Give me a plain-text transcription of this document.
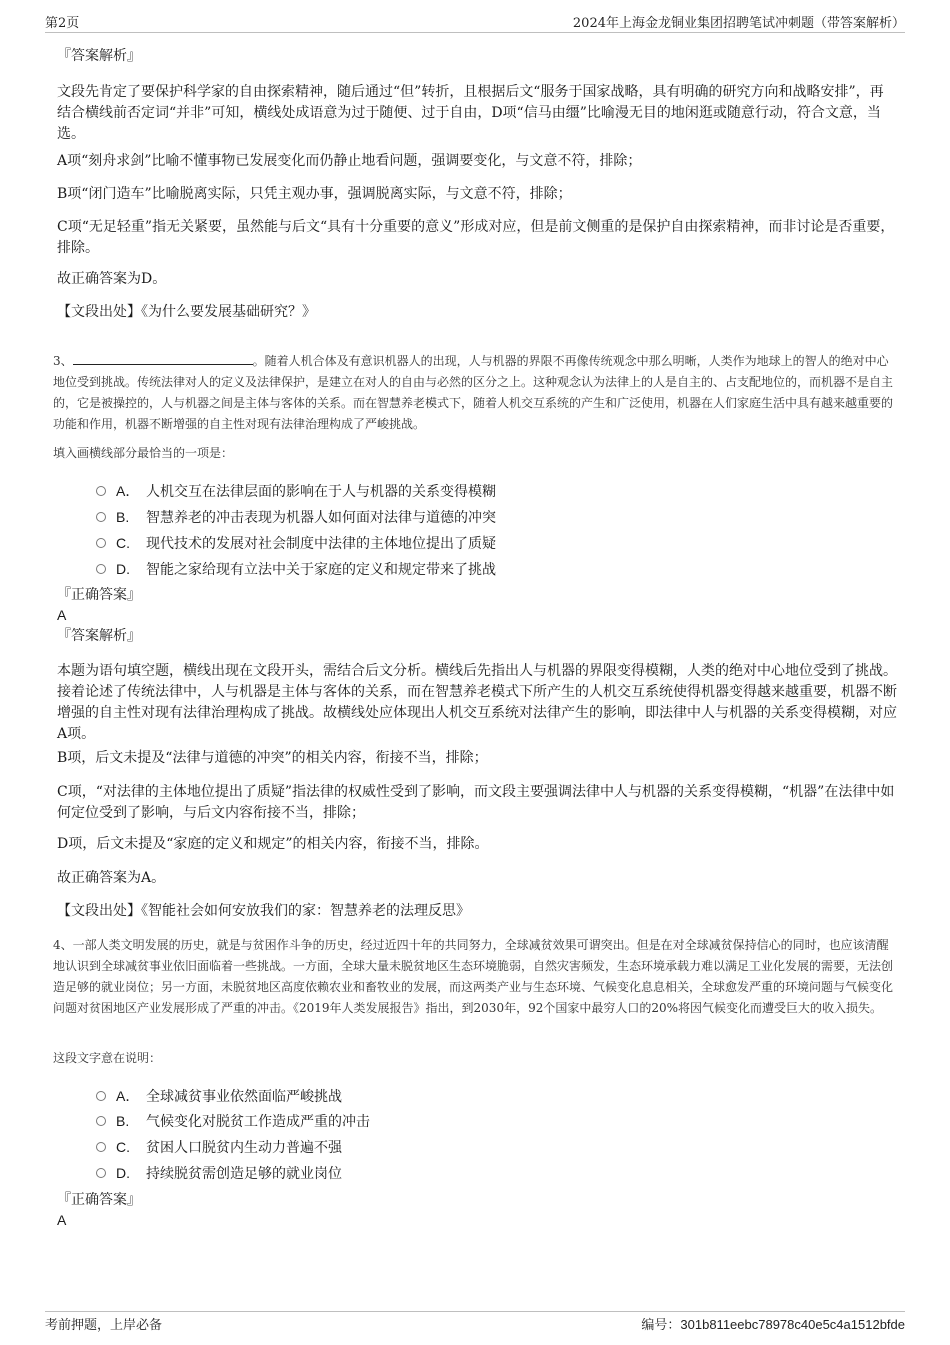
第2页	2024年上海金龙铜业集团招聘笔试冲刺题（带答案解析）
『答案解析』

文段先肯定了要保护科学家的自由探索精神，随后通过“但”转折，且根据后文“服务于国家战略，具有明确的研究方向和战略安排”，再结合横线前否定词“并非”可知，横线处成语意为过于随便、过于自由，D项“信马由缰”比喻漫无目的地闲逛或随意行动，符合文意，当选。

A项“刻舟求剑”比喻不懂事物已发展变化而仍静止地看问题，强调要变化，与文意不符，排除；

B项“闭门造车”比喻脱离实际，只凭主观办事，强调脱离实际，与文意不符，排除；

C项“无足轻重”指无关紧要，虽然能与后文“具有十分重要的意义”形成对应，但是前文侧重的是保护自由探索精神，而非讨论是否重要，排除。

故正确答案为D。

【文段出处】《为什么要发展基础研究？》

3、	。随着人机合体及有意识机器人的出现，人与机器的界限不再像传统观念中那么明晰，人类作为地球上的智人的绝对中心地位受到挑战。传统法律对人的定义及法律保护，是建立在对人的自由与必然的区分之上。这种观念认为法律上的人是自主的、占支配地位的，而机器不是自主的，它是被操控的，人与机器之间是主体与客体的关系。而在智慧养老模式下，随着人机交互系统的产生和广泛使用，机器在人们家庭生活中具有越来越重要的功能和作用，机器不断增强的自主性对现有法律治理构成了严峻挑战。

填入画横线部分最恰当的一项是：

A． 人机交互在法律层面的影响在于人与机器的关系变得模糊
B. 智慧养老的冲击表现为机器人如何面对法律与道德的冲突
C. 现代技术的发展对社会制度中法律的主体地位提出了质疑
D. 智能之家给现有立法中关于家庭的定义和规定带来了挑战
『正确答案』
A
『答案解析』

本题为语句填空题，横线出现在文段开头，需结合后文分析。横线后先指出人与机器的界限变得模糊，人类的绝对中心地位受到了挑战。接着论述了传统法律中，人与机器是主体与客体的关系，而在智慧养老模式下所产生的人机交互系统使得机器变得越来越重要，机器不断增强的自主性对现有法律治理构成了挑战。故横线处应体现出人机交互系统对法律产生的影响，即法律中人与机器的关系变得模糊，对应A项。

B项，后文未提及“法律与道德的冲突”的相关内容，衔接不当，排除；

C项，“对法律的主体地位提出了质疑”指法律的权威性受到了影响，而文段主要强调法律中人与机器的关系变得模糊，“机器”在法律中如何定位受到了影响，与后文内容衔接不当，排除；

D项，后文未提及“家庭的定义和规定”的相关内容，衔接不当，排除。

故正确答案为A。

【文段出处】《智能社会如何安放我们的家：智慧养老的法理反思》

4、一部人类文明发展的历史，就是与贫困作斗争的历史，经过近四十年的共同努力，全球减贫效果可谓突出。但是在对全球减贫保持信心的同时，也应该清醒地认识到全球减贫事业依旧面临着一些挑战。一方面，全球大量未脱贫地区生态环境脆弱，自然灾害频发，生态环境承载力难以满足工业化发展的需要，无法创造足够的就业岗位；另一方面，未脱贫地区高度依赖农业和畜牧业的发展，而这两类产业与生态环境、气候变化息息相关，全球愈发严重的环境问题与气候变化问题对贫困地区产业发展形成了严重的冲击。《2019年人类发展报告》指出，到2030年，92个国家中最穷人口的20%将因气候变化而遭受巨大的收入损失。

这段文字意在说明：

A． 全球减贫事业依然面临严峻挑战
B. 气候变化对脱贫工作造成严重的冲击
C. 贫困人口脱贫内生动力普遍不强
D. 持续脱贫需创造足够的就业岗位
『正确答案』
A
考前押题，上岸必备	编号：301b811eebc78978c40e5c4a1512bfde
